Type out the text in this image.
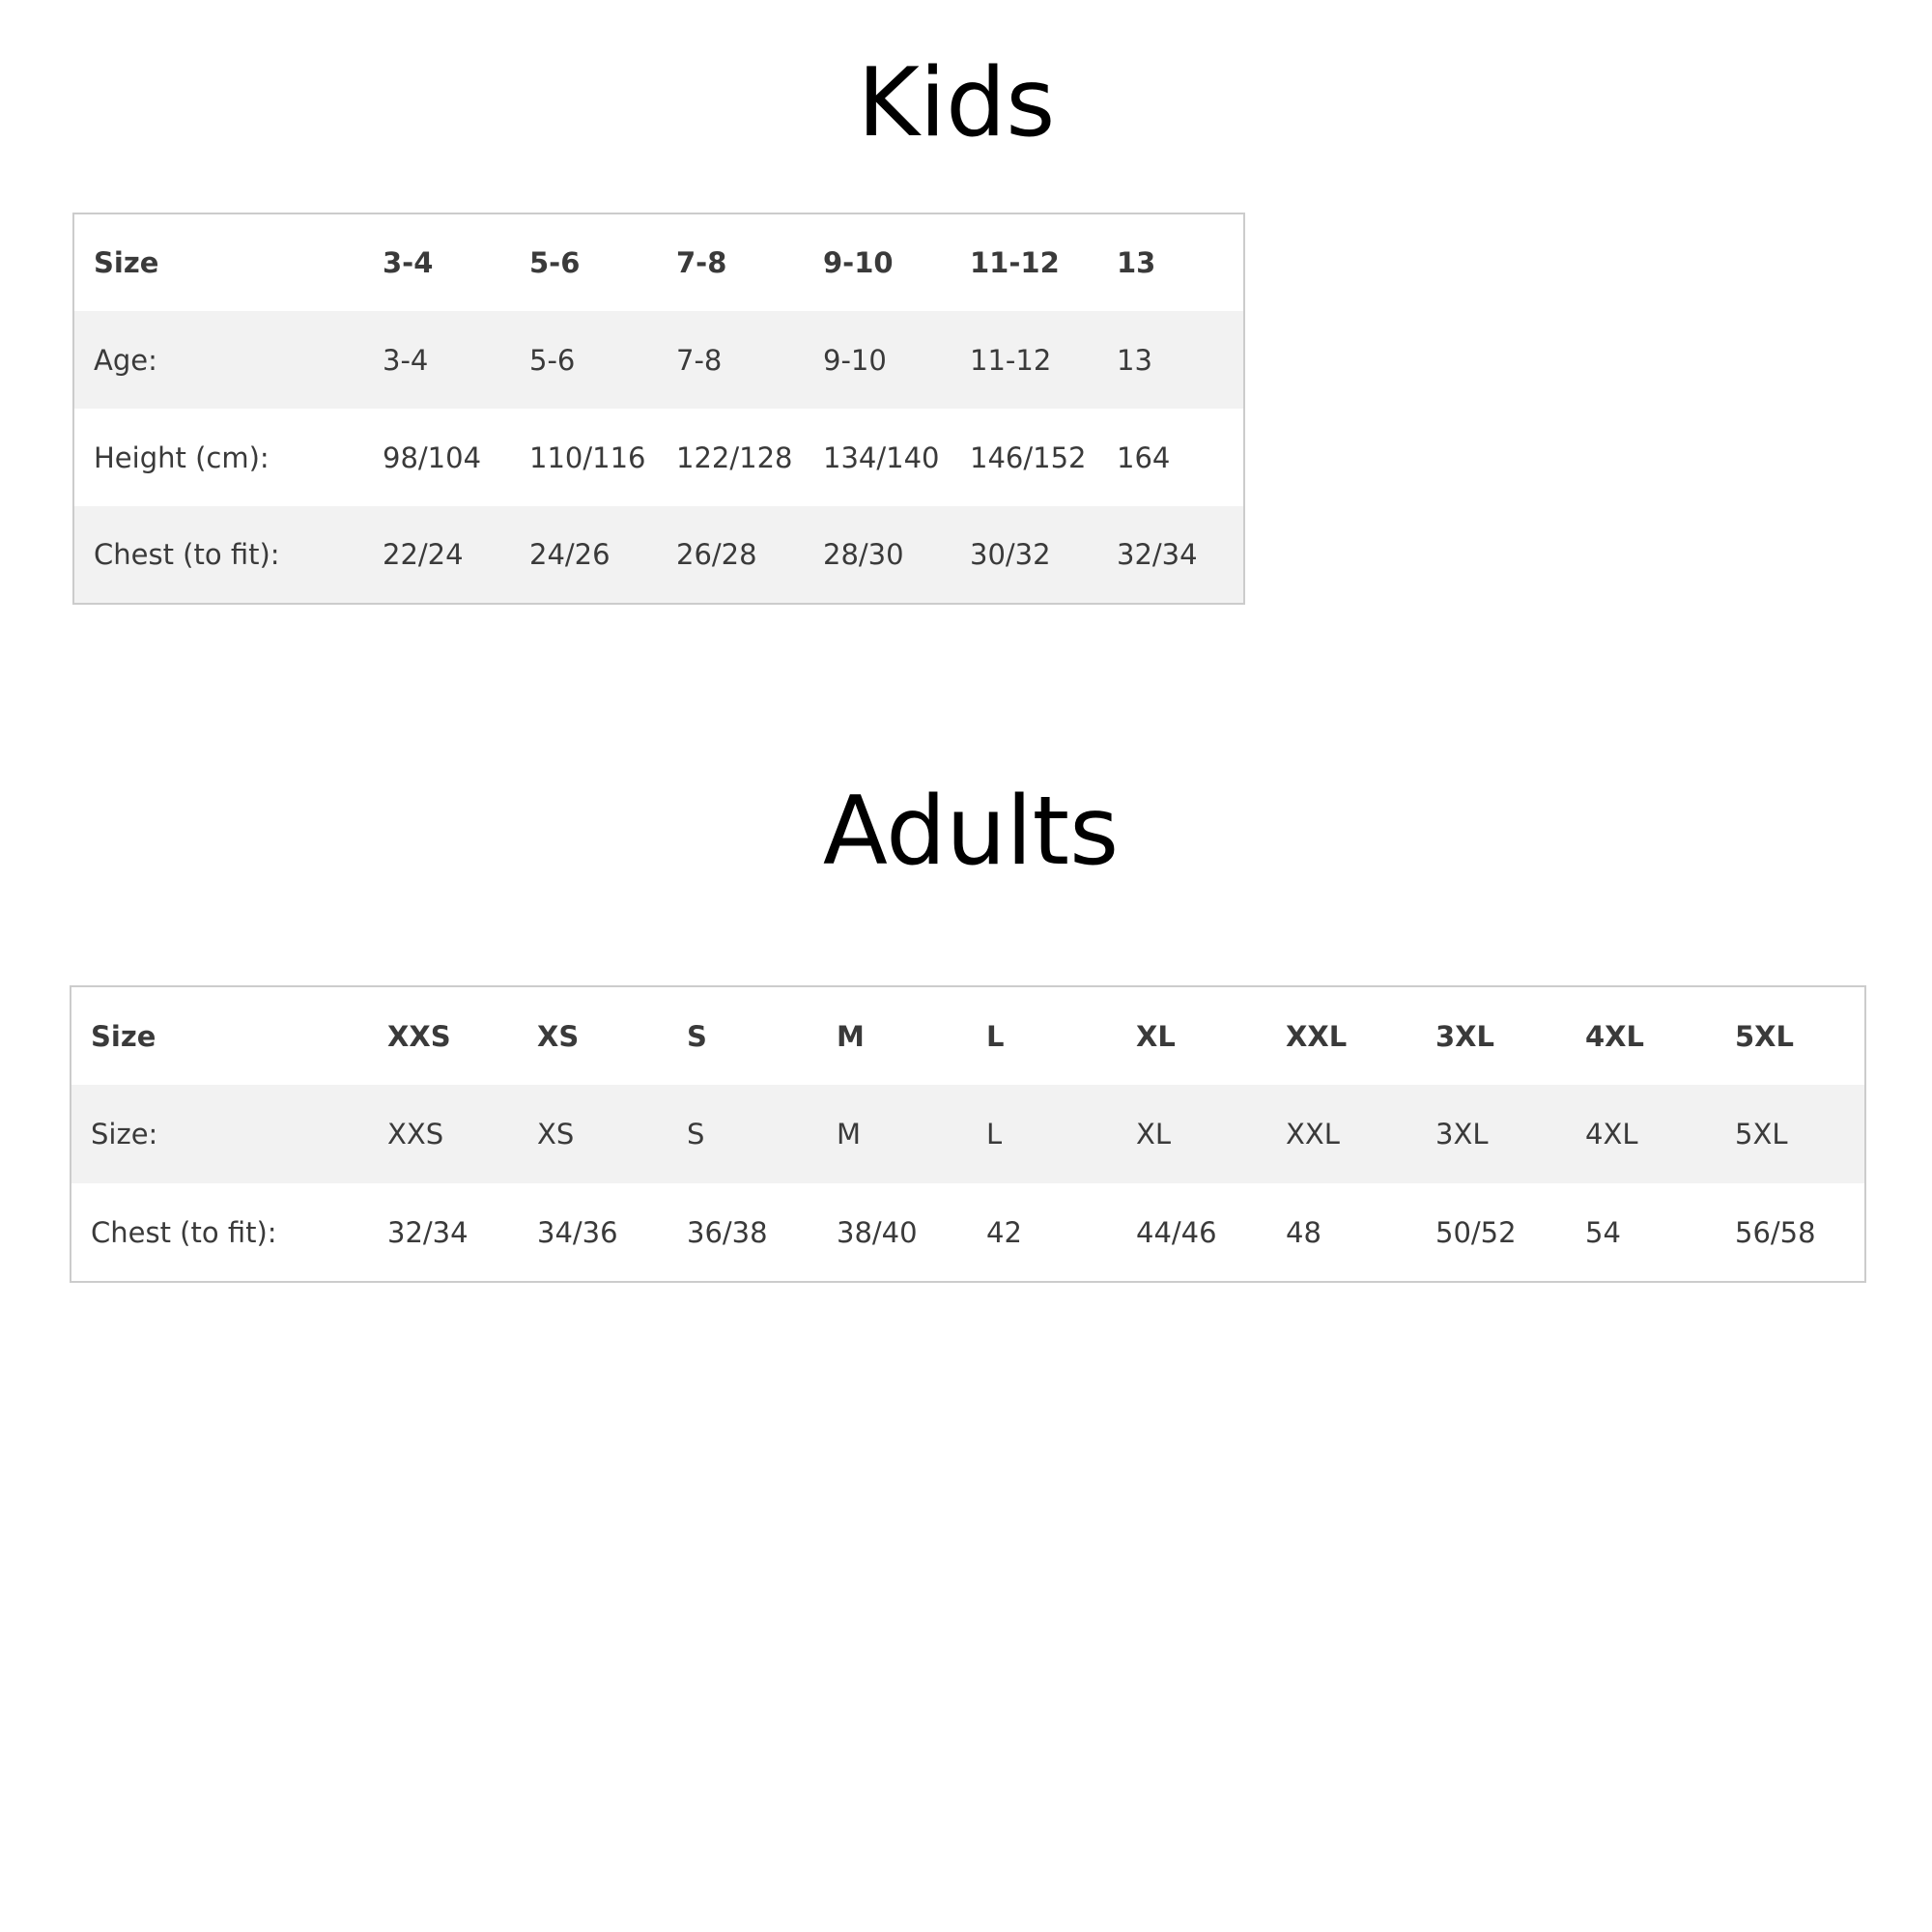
Kids
Size	3-4	5-6	7-8	9-10	11-12	13
Age:	3-4	5-6	7-8	9-10	11-12	13
Height (cm):	98/104	110/116	122/128	134/140	146/152	164
Chest (to fit):	22/24	24/26	26/28	28/30	30/32	32/34
Adults
Size	XXS	XS	S	M	L	XL	XXL	3XL	4XL	5XL
Size:	XXS	XS	S	M	L	XL	XXL	3XL	4XL	5XL
Chest (to fit):	32/34	34/36	36/38	38/40	42	44/46	48	50/52	54	56/58
